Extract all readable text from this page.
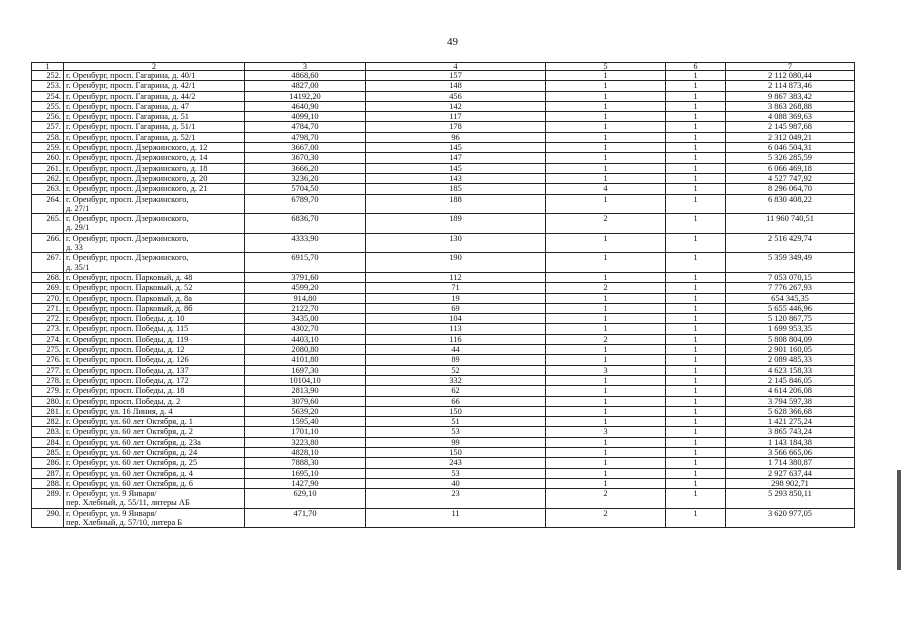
49
1	2	3	4	5	6	7
252.	г. Оренбург, просп. Гагарина, д. 40/1	4868,60	157	1	1	2 112 080,44
253.	г. Оренбург, просп. Гагарина, д. 42/1	4827,00	148	1	1	2 114 873,46
254.	г. Оренбург, просп. Гагарина, д. 44/2	14192,20	456	1	1	9 867 383,42
255.	г. Оренбург, просп. Гагарина, д. 47	4640,90	142	1	1	3 863 268,88
256.	г. Оренбург, просп. Гагарина, д. 51	4099,10	117	1	1	4 088 369,63
257.	г. Оренбург, просп. Гагарина, д. 51/1	4784,70	178	1	1	2 145 987,68
258.	г. Оренбург, просп. Гагарина, д. 52/1	4798,70	96	1	1	2 312 049,21
259.	г. Оренбург, просп. Дзержинского, д. 12	3667,00	145	1	1	6 046 504,31
260.	г. Оренбург, просп. Дзержинского, д. 14	3670,30	147	1	1	5 326 285,59
261.	г. Оренбург, просп. Дзержинского, д. 18	3666,20	145	1	1	6 066 469,18
262.	г. Оренбург, просп. Дзержинского, д. 20	3236,20	143	1	1	4 527 747,92
263.	г. Оренбург, просп. Дзержинского, д. 21	5704,50	185	4	1	8 296 064,70
264.	г. Оренбург, просп. Дзержинского,
д. 27/1	6789,70	188	1	1	6 830 408,22
265.	г. Оренбург, просп. Дзержинского,
д. 29/1	6836,70	189	2	1	11 960 740,51
266.	г. Оренбург, просп. Дзержинского,
д. 33	4333,90	130	1	1	2 516 429,74
267.	г. Оренбург, просп. Дзержинского,
д. 35/1	6915,70	190	1	1	5 359 349,49
268.	г. Оренбург, просп. Парковый, д. 48	3791,60	112	1	1	7 053 070,15
269.	г. Оренбург, просп. Парковый, д. 52	4599,20	71	2	1	7 776 267,93
270.	г. Оренбург, просп. Парковый, д. 8а	914,80	19	1	1	654 345,35
271.	г. Оренбург, просп. Парковый, д. 8б	2122,70	69	1	1	5 655 446,96
272.	г. Оренбург, просп. Победы, д. 10	3435,00	104	1	1	5 120 867,75
273.	г. Оренбург, просп. Победы, д. 115	4302,70	113	1	1	1 699 953,35
274.	г. Оренбург, просп. Победы, д. 119	4403,10	116	2	1	5 808 804,09
275.	г. Оренбург, просп. Победы, д. 12	2080,80	44	1	1	2 901 160,05
276.	г. Оренбург, просп. Победы, д. 126	4101,80	89	1	1	2 089 485,33
277.	г. Оренбург, просп. Победы, д. 137	1697,30	52	3	1	4 623 158,33
278.	г. Оренбург, просп. Победы, д. 172	10104,10	332	1	1	2 145 846,05
279.	г. Оренбург, просп. Победы, д. 18	2813,90	62	1	1	4 614 206,08
280.	г. Оренбург, просп. Победы, д. 2	3079,60	66	1	1	3 794 597,38
281.	г. Оренбург, ул. 16 Линия, д. 4	5639,20	150	1	1	5 628 366,68
282.	г. Оренбург, ул. 60 лет Октября, д. 1	1595,40	51	1	1	1 421 275,24
283.	г. Оренбург, ул. 60 лет Октября, д. 2	1701,10	53	3	1	3 865 743,24
284.	г. Оренбург, ул. 60 лет Октября, д. 23а	3223,80	99	1	1	1 143 184,38
285.	г. Оренбург, ул. 60 лет Октября, д. 24	4828,10	150	1	1	3 566 665,06
286.	г. Оренбург, ул. 60 лет Октября, д. 25	7888,30	243	1	1	1 714 380,87
287.	г. Оренбург, ул. 60 лет Октября, д. 4	1695,10	53	1	1	2 927 637,44
288.	г. Оренбург, ул. 60 лет Октября, д. 6	1427,90	40	1	1	298 902,71
289.	г. Оренбург, ул. 9 Января/
пер. Хлебный, д. 55/11, литеры АБ	629,10	23	2	1	5 293 850,11
290.	г. Оренбург, ул. 9 Января/
пер. Хлебный, д. 57/10, литера Б	471,70	11	2	1	3 620 977,05
